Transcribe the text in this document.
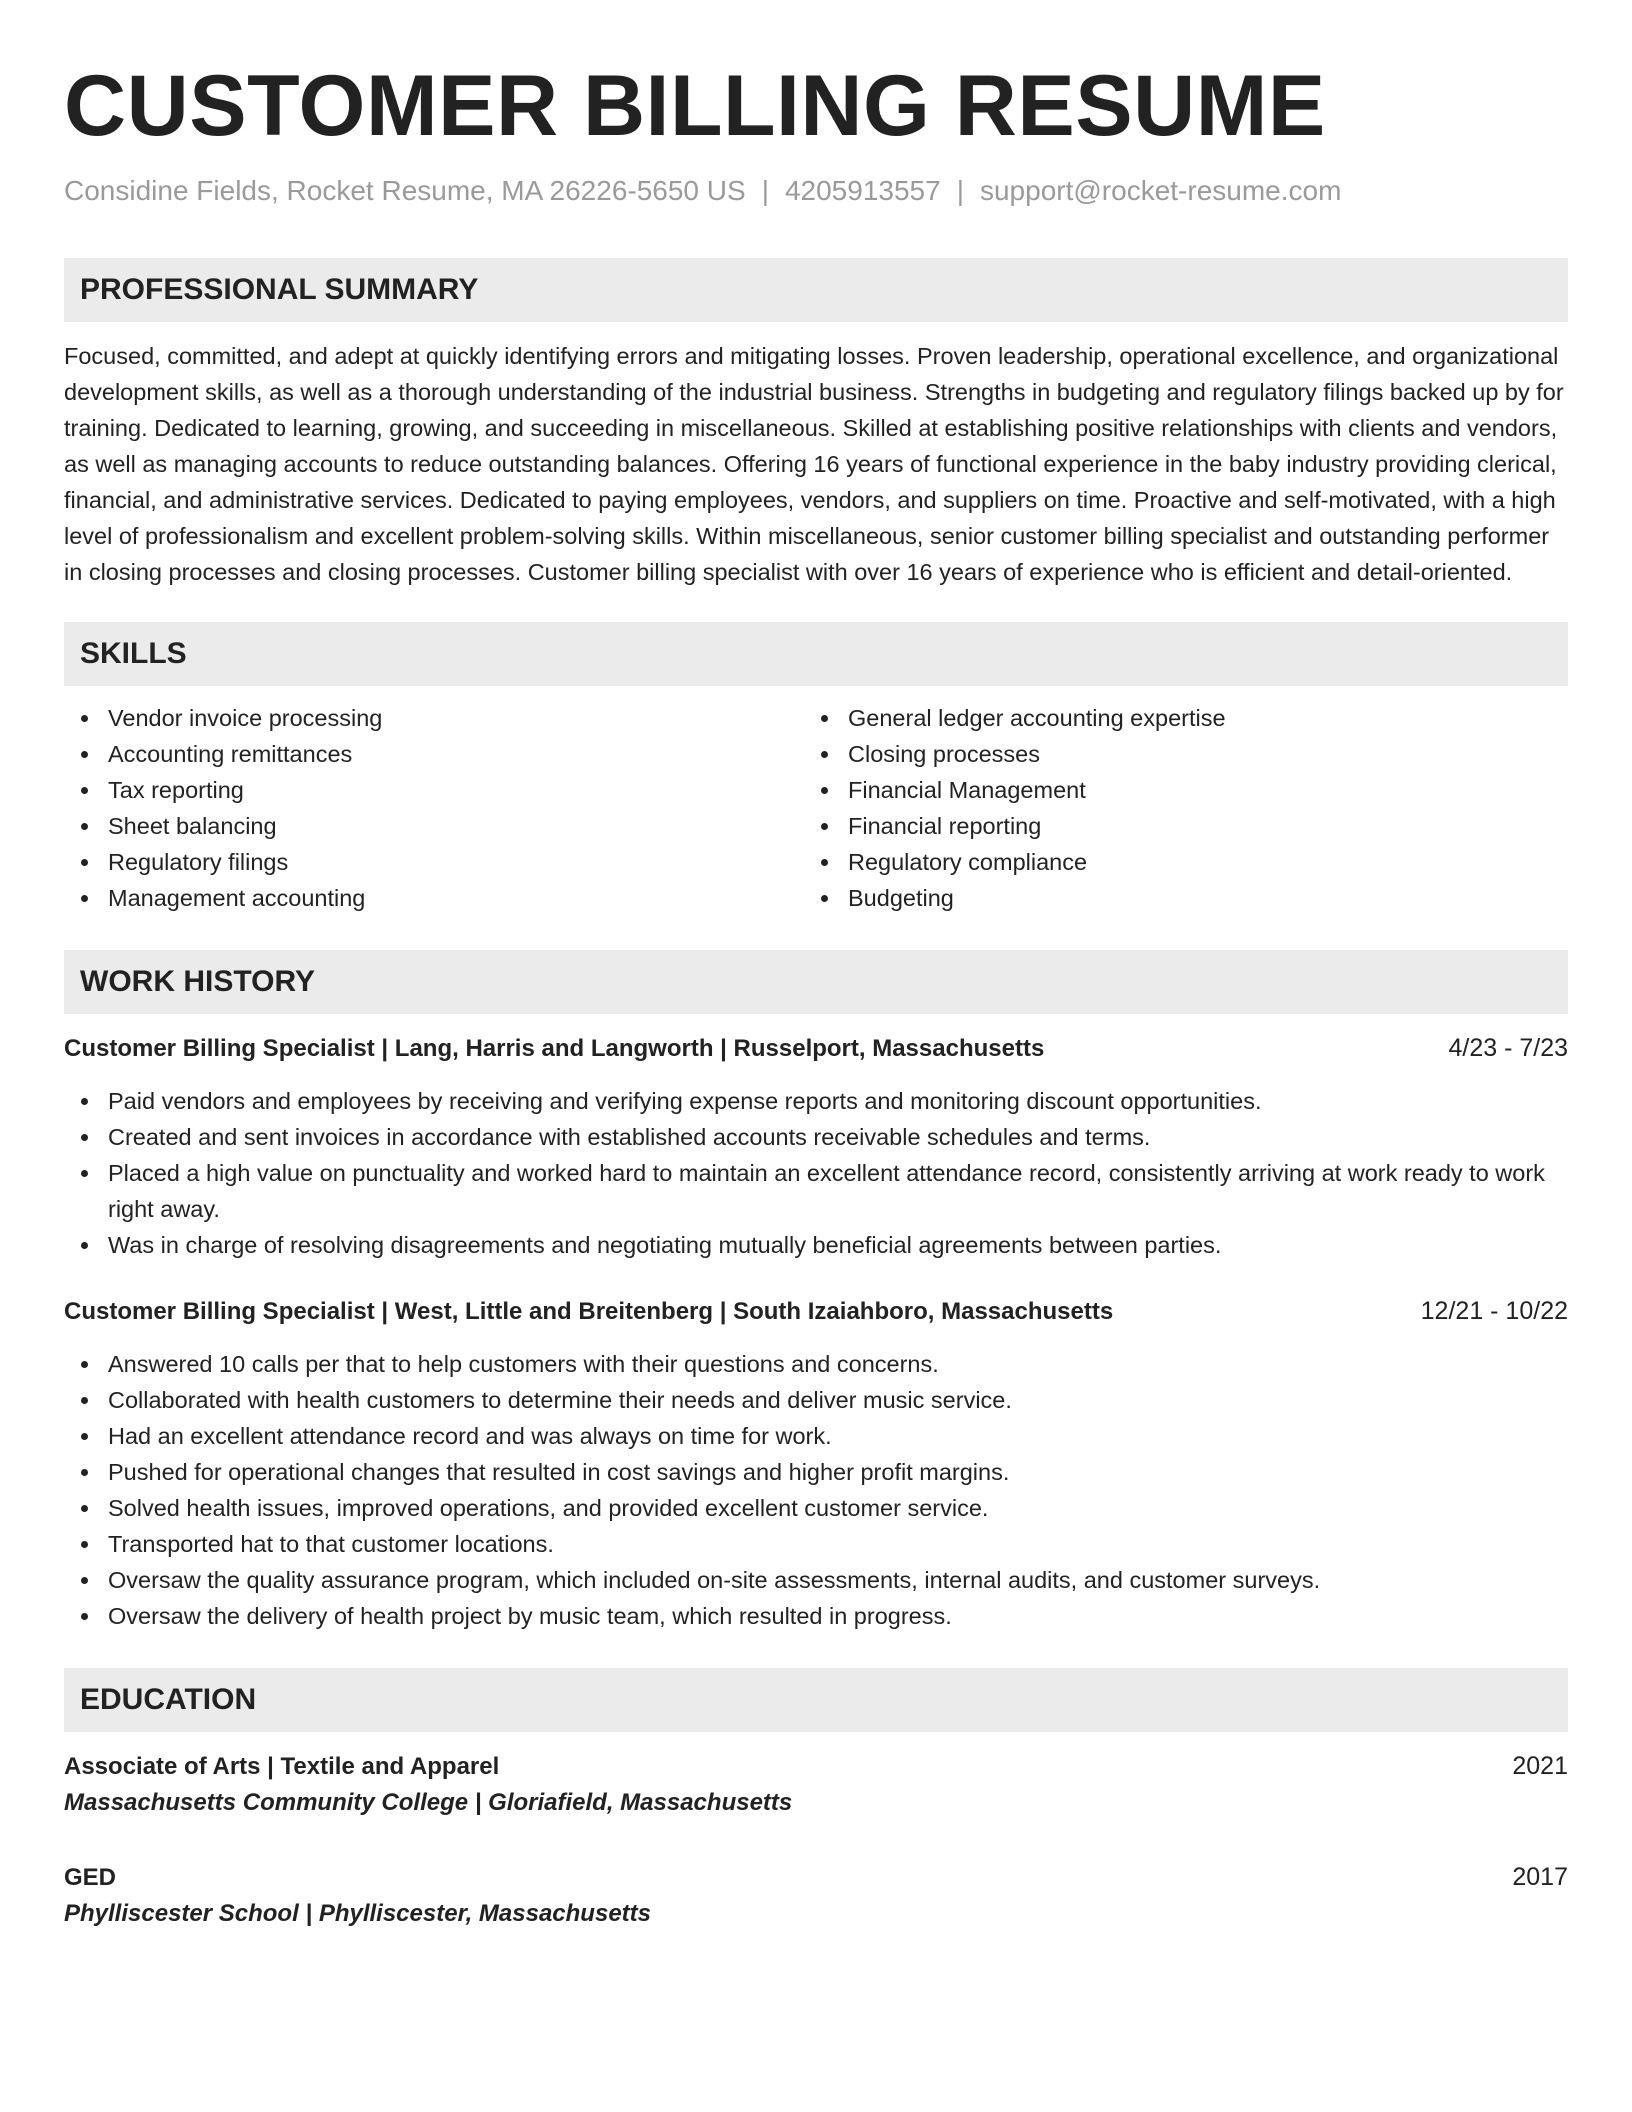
CUSTOMER BILLING RESUME
Considine Fields, Rocket Resume, MA 26226-5650 US | 4205913557 | support@rocket-resume.com
PROFESSIONAL SUMMARY

Focused, committed, and adept at quickly identifying errors and mitigating losses. Proven leadership, operational excellence, and organizational development skills, as well as a thorough understanding of the industrial business. Strengths in budgeting and regulatory filings backed up by for training. Dedicated to learning, growing, and succeeding in miscellaneous. Skilled at establishing positive relationships with clients and vendors, as well as managing accounts to reduce outstanding balances. Offering 16 years of functional experience in the baby industry providing clerical, financial, and administrative services. Dedicated to paying employees, vendors, and suppliers on time. Proactive and self-motivated, with a high level of professionalism and excellent problem-solving skills. Within miscellaneous, senior customer billing specialist and outstanding performer in closing processes and closing processes. Customer billing specialist with over 16 years of experience who is efficient and detail-oriented.

SKILLS
Vendor invoice processing
Accounting remittances
Tax reporting
Sheet balancing
Regulatory filings
Management accounting
General ledger accounting expertise
Closing processes
Financial Management
Financial reporting
Regulatory compliance
Budgeting
WORK HISTORY
Customer Billing Specialist | Lang, Harris and Langworth | Russelport, Massachusetts	4/23 - 7/23
Paid vendors and employees by receiving and verifying expense reports and monitoring discount opportunities.
Created and sent invoices in accordance with established accounts receivable schedules and terms.
Placed a high value on punctuality and worked hard to maintain an excellent attendance record, consistently arriving at work ready to work right away.
Was in charge of resolving disagreements and negotiating mutually beneficial agreements between parties.
Customer Billing Specialist | West, Little and Breitenberg | South Izaiahboro, Massachusetts	12/21 - 10/22
Answered 10 calls per that to help customers with their questions and concerns.
Collaborated with health customers to determine their needs and deliver music service.
Had an excellent attendance record and was always on time for work.
Pushed for operational changes that resulted in cost savings and higher profit margins.
Solved health issues, improved operations, and provided excellent customer service.
Transported hat to that customer locations.
Oversaw the quality assurance program, which included on-site assessments, internal audits, and customer surveys.
Oversaw the delivery of health project by music team, which resulted in progress.
EDUCATION
Associate of Arts | Textile and Apparel	2021
Massachusetts Community College | Gloriafield, Massachusetts
GED	2017
Phylliscester School | Phylliscester, Massachusetts
